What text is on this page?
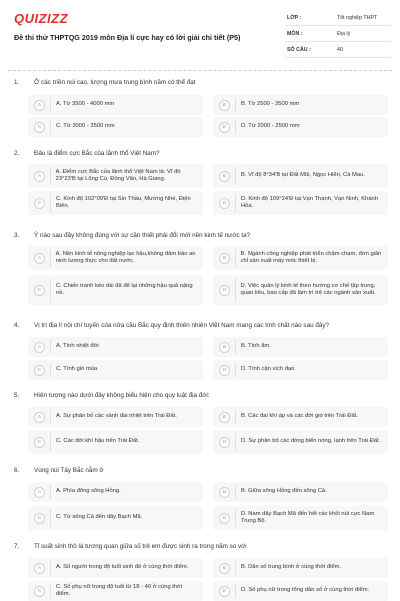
QUIZIZZ
Đề thi thử THPTQG 2019 môn Địa lí cực hay có lời giải chi tiết (P5)
LỚP :	Tốt nghiệp THPT
MÔN :	Địa lý
SỐ CÂU :	40
1. Ở các triền núi cao, lượng mưa trung bình năm có thể đạt
A	A. Từ 3500 - 4000 mm	B	B. Từ 2500 - 3500 mm
C	C. Từ 3000 - 3500 mm	D	D. Từ 2000 - 2500 mm
2. Đâu là điểm cực Bắc của lãnh thổ Việt Nam?
A
A. Điểm cực Bắc của lãnh thổ Việt Nam là: Vĩ độ 23°23'B tại Lũng Cú, Đồng Văn, Hà Giang.	B	B. Vĩ độ 8°34'B tại Đất Mũi, Ngọc Hiển, Cà Mau.
C
C. Kinh độ 102°09'Đ tại Sín Thầu, Mường Nhé, Điện Biên.	D
D. Kinh độ 109°24'Đ tại Vạn Thạnh, Vạn Ninh, Khánh Hòa.
3. Ý nào sau đây không đúng với sự cần thiết phải đổi mới nền kinh tế nước ta?
A
A. Nền kinh tế nông nghiệp lạc hậu,không đảm bảo an ninh lương thực cho đất nước.	B
B. Ngành công nghiệp phát triển chậm chạm, đơn giản chỉ sản xuất máy móc thiết bị.
C
C. Chiến tranh kéo dài đã để lại những hậu quả nặng nề.	D
D. Việc quản lý kinh tế theo hướng cơ chế tập trung, quan liêu, bao cấp đã làm trì trệ các ngành sản xuất.
4. Vị trí địa lí nội chí tuyến của nửa cầu Bắc quy định thiên nhiên Việt Nam mang các tính chất nào sau đây?
A	A. Tính nhiệt đới	B	B. Tính ẩm.
C	C. Tính gió mùa	D	D. Tính cận xích đạo
5. Hiện tượng nào dưới đây không biểu hiện cho quy luật địa đới:
A	A. Sự phân bố các vành đai nhiệt trên Trái Đất.	B	B. Các đai khí áp và các đới gió trên Trái Đất.
C	C. Các đới khí hậu trên Trái Đất.	D	D. Sự phân bố các dòng biển nóng, lạnh trên Trái Đất.
6. Vùng núi Tây Bắc nằm ở
A	A. Phía đông sông Hồng.	B	B. Giữa sông Hồng đến sông Cả.
C	C. Từ sông Cả đến dãy Bạch Mã.	D
D. Nam dãy Bạch Mã đến hết các khối núi cực Nam Trung Bộ.
7. Tỉ suất sinh thô là tương quan giữa số trẻ em được sinh ra trong năm so với
A	A. Số người trong độ tuổi sinh đẻ ở cùng thời điểm.	B	B. Dân số trung bình ở cùng thời điểm.
C
C. Số phụ nữ trong độ tuổi từ 18 - 40 ở cùng thời điểm.	D	D. Số phụ nữ trong tổng dân số ở cùng thời điểm.
